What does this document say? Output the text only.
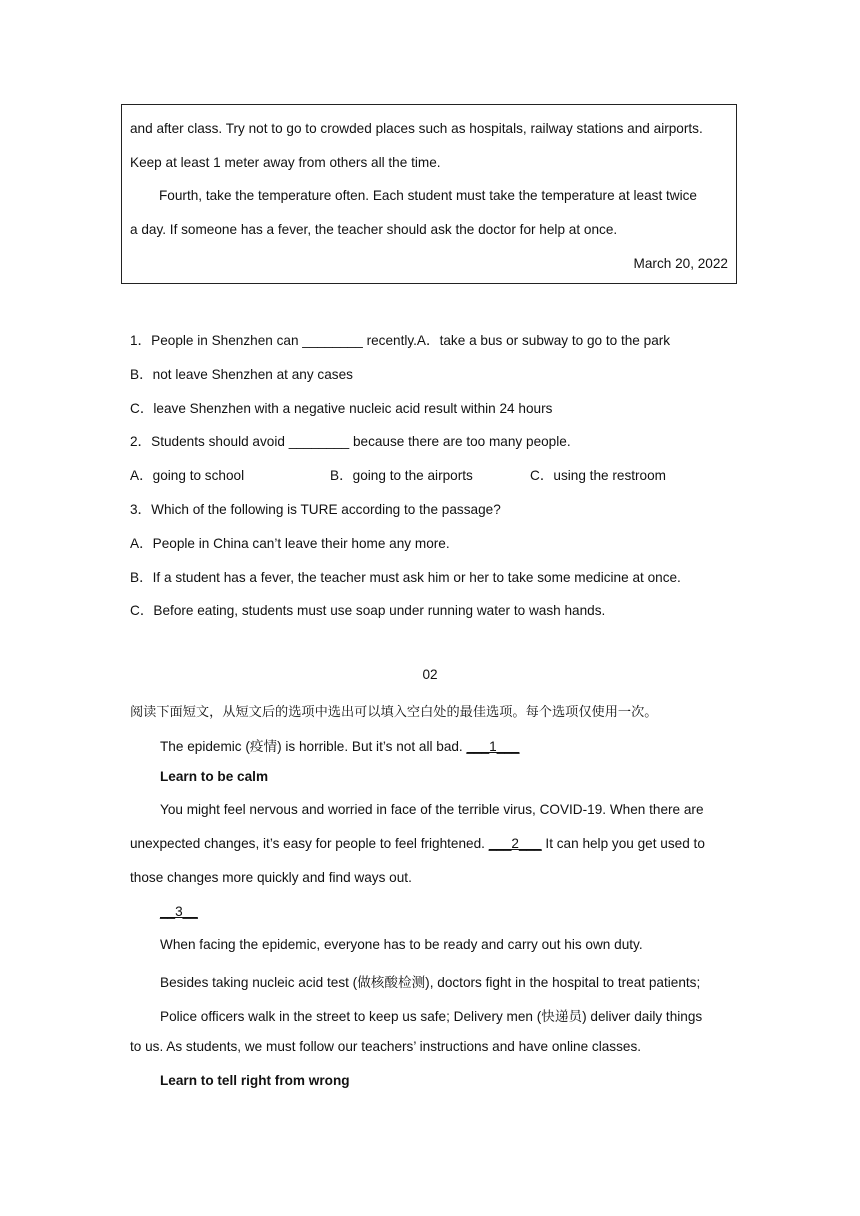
and after class. Try not to go to crowded places such as hospitals, railway stations and airports.
Keep at least 1 meter away from others all the time.
Fourth, take the temperature often. Each student must take the temperature at least twice
a day. If someone has a fever, the teacher should ask the doctor for help at once.
March 20, 2022
1．People in Shenzhen can ________ recently.A．take a bus or subway to go to the park
B．not leave Shenzhen at any cases
C．leave Shenzhen with a negative nucleic acid result within 24 hours
2．Students should avoid ________ because there are too many people.
A．going to school	B．going to the airports	C．using the restroom
3．Which of the following is TURE according to the passage?
A．People in China can’t leave their home any more.
B．If a student has a fever, the teacher must ask him or her to take some medicine at once.
C．Before eating, students must use soap under running water to wash hands.
02
阅读下面短文，从短文后的选项中选出可以填入空白处的最佳选项。每个选项仅使用一次。
The epidemic (疫情) is horrible. But it’s not all bad. ___1___
Learn to be calm
You might feel nervous and worried in face of the terrible virus, COVID-19. When there are
unexpected changes, it’s easy for people to feel frightened. ___2___ It can help you get used to
those changes more quickly and find ways out.
__3__
When facing the epidemic, everyone has to be ready and carry out his own duty.
Besides taking nucleic acid test (做核酸检测), doctors fight in the hospital to treat patients;
Police officers walk in the street to keep us safe; Delivery men (快递员) deliver daily things
to us. As students, we must follow our teachers’ instructions and have online classes.
Learn to tell right from wrong
